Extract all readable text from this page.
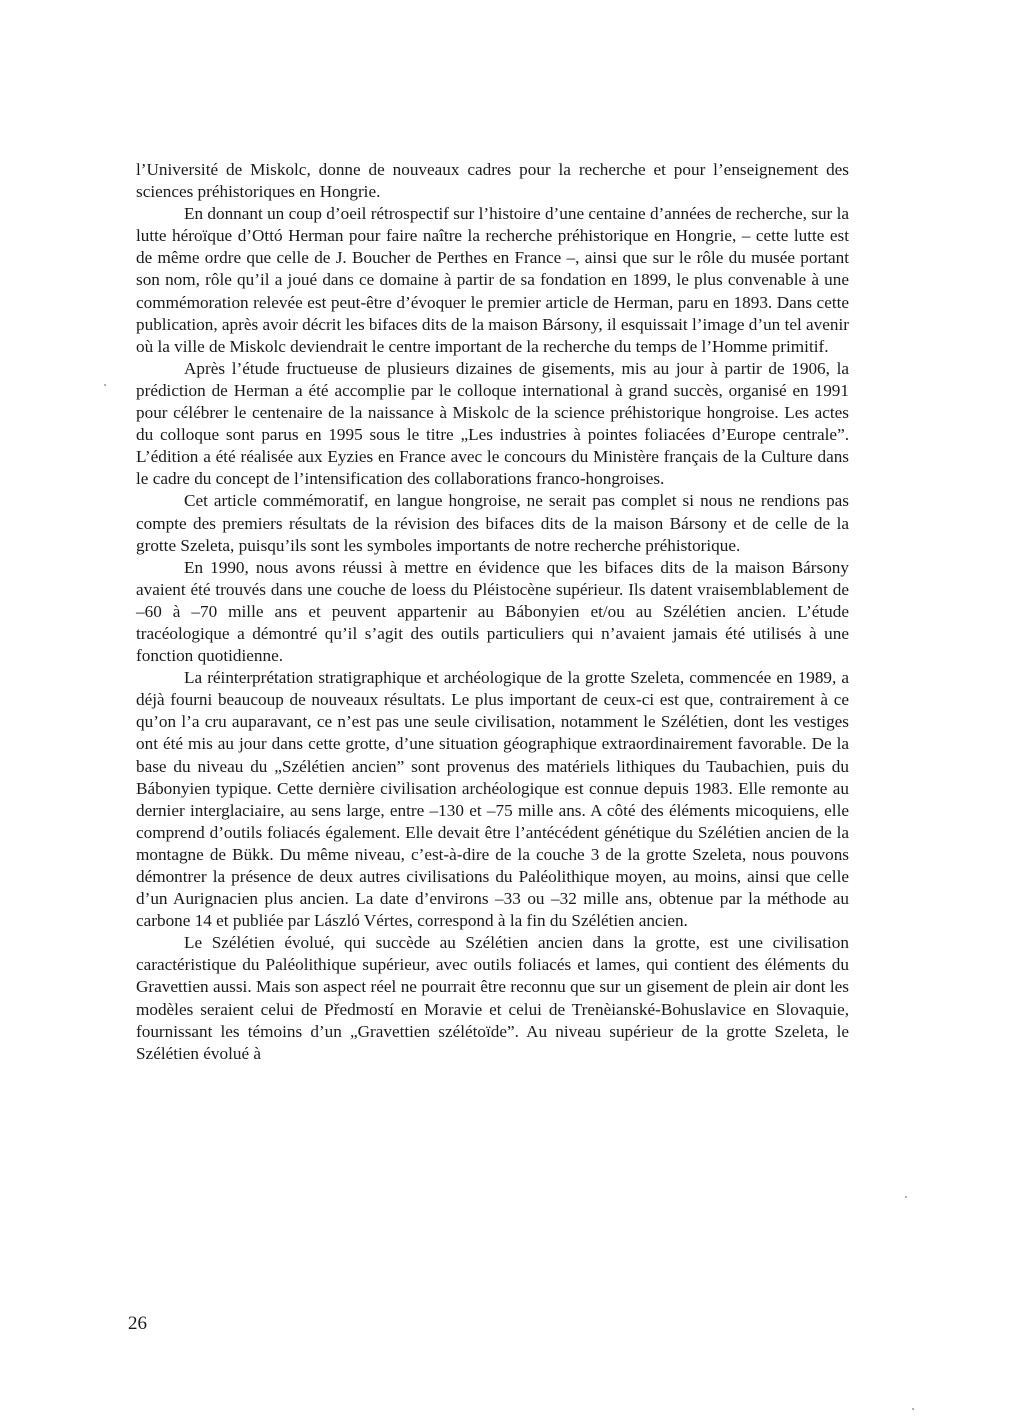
l’Université de Miskolc, donne de nouveaux cadres pour la recherche et pour l’enseignement des sciences préhistoriques en Hongrie.

En donnant un coup d’oeil rétrospectif sur l’histoire d’une centaine d’années de recherche, sur la lutte héroïque d’Ottó Herman pour faire naître la recherche préhistorique en Hongrie, – cette lutte est de même ordre que celle de J. Boucher de Perthes en France –, ainsi que sur le rôle du musée portant son nom, rôle qu’il a joué dans ce domaine à partir de sa fondation en 1899, le plus convenable à une commémoration relevée est peut-être d’évoquer le premier article de Herman, paru en 1893. Dans cette publication, après avoir décrit les bifaces dits de la maison Bársony, il esquissait l’image d’un tel avenir où la ville de Miskolc deviendrait le centre important de la recherche du temps de l’Homme primitif.

Après l’étude fructueuse de plusieurs dizaines de gisements, mis au jour à partir de 1906, la prédiction de Herman a été accomplie par le colloque international à grand succès, organisé en 1991 pour célébrer le centenaire de la naissance à Miskolc de la science préhistorique hongroise. Les actes du colloque sont parus en 1995 sous le titre „Les industries à pointes foliacées d’Europe centrale”. L’édition a été réalisée aux Eyzies en France avec le concours du Ministère français de la Culture dans le cadre du concept de l’intensification des collaborations franco-hongroises.

Cet article commémoratif, en langue hongroise, ne serait pas complet si nous ne rendions pas compte des premiers résultats de la révision des bifaces dits de la maison Bársony et de celle de la grotte Szeleta, puisqu’ils sont les symboles importants de notre recherche préhistorique.

En 1990, nous avons réussi à mettre en évidence que les bifaces dits de la maison Bársony avaient été trouvés dans une couche de loess du Pléistocène supérieur. Ils datent vraisemblablement de –60 à –70 mille ans et peuvent appartenir au Bábonyien et/ou au Szélétien ancien. L’étude tracéologique a démontré qu’il s’agit des outils particuliers qui n’avaient jamais été utilisés à une fonction quotidienne.

La réinterprétation stratigraphique et archéologique de la grotte Szeleta, commencée en 1989, a déjà fourni beaucoup de nouveaux résultats. Le plus important de ceux-ci est que, contrairement à ce qu’on l’a cru auparavant, ce n’est pas une seule civilisation, notamment le Szélétien, dont les vestiges ont été mis au jour dans cette grotte, d’une situation géographique extraordinairement favorable. De la base du niveau du „Szélétien ancien” sont provenus des matériels lithiques du Taubachien, puis du Bábonyien typique. Cette dernière civilisation archéologique est connue depuis 1983. Elle remonte au dernier interglaciaire, au sens large, entre –130 et –75 mille ans. A côté des éléments micoquiens, elle comprend d’outils foliacés également. Elle devait être l’antécédent génétique du Szélétien ancien de la montagne de Bükk. Du même niveau, c’est-à-dire de la couche 3 de la grotte Szeleta, nous pouvons démontrer la présence de deux autres civilisations du Paléolithique moyen, au moins, ainsi que celle d’un Aurignacien plus ancien. La date d’environs –33 ou –32 mille ans, obtenue par la méthode au carbone 14 et publiée par László Vértes, correspond à la fin du Szélétien ancien.

Le Szélétien évolué, qui succède au Szélétien ancien dans la grotte, est une civilisation caractéristique du Paléolithique supérieur, avec outils foliacés et lames, qui contient des éléments du Gravettien aussi. Mais son aspect réel ne pourrait être reconnu que sur un gisement de plein air dont les modèles seraient celui de Předmostí en Moravie et celui de Trenèianské-Bohuslavice en Slovaquie, fournissant les témoins d’un „Gravettien szélétoïde”. Au niveau supérieur de la grotte Szeleta, le Szélétien évolué à

26
